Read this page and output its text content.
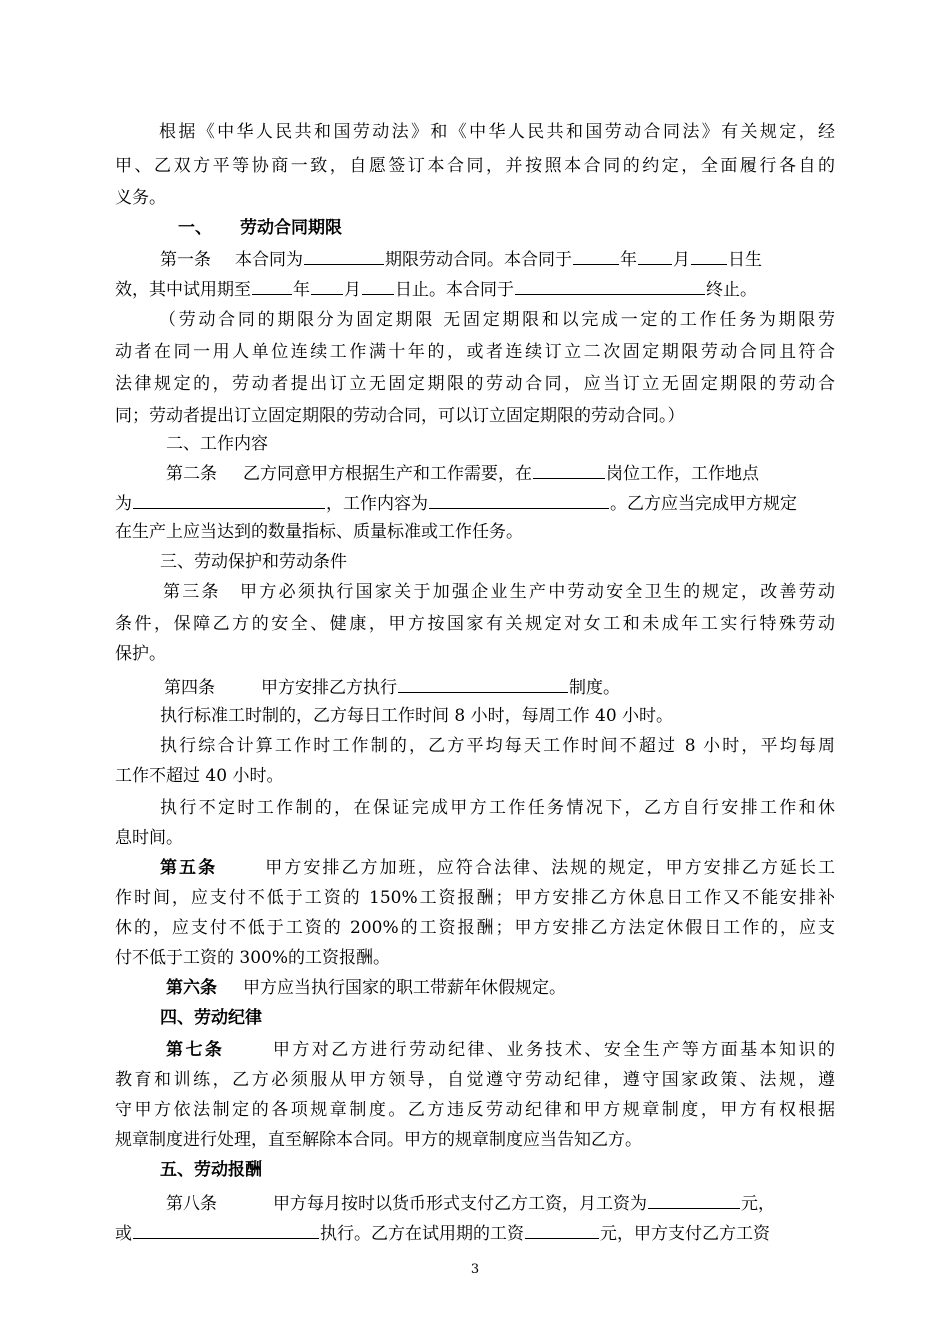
根据《中华人民共和国劳动法》和《中华人民共和国劳动合同法》有关规定，经
甲、乙双方平等协商一致，自愿签订本合同，并按照本合同的约定，全面履行各自的
义务。
一、 劳动合同期限
第一条 本合同为	期限劳动合同。本合同于	年 月 日生
效，其中试用期至 年 月 日止。本合同于	终止。
（劳动合同的期限分为固定期限 无固定期限和以完成一定的工作任务为期限劳
动者在同一用人单位连续工作满十年的，或者连续订立二次固定期限劳动合同且符合
法律规定的，劳动者提出订立无固定期限的劳动合同，应当订立无固定期限的劳动合
同；劳动者提出订立固定期限的劳动合同，可以订立固定期限的劳动合同。）
二、工作内容
第二条 乙方同意甲方根据生产和工作需要，在	岗位工作，工作地点
为	，工作内容为	。乙方应当完成甲方规定
在生产上应当达到的数量指标、质量标准或工作任务。
三、劳动保护和劳动条件
第三条　甲方必须执行国家关于加强企业生产中劳动安全卫生的规定，改善劳动
条件，保障乙方的安全、健康，甲方按国家有关规定对女工和未成年工实行特殊劳动
保护。
第四条	甲方安排乙方执行	制度。
执行标准工时制的，乙方每日工作时间 8 小时，每周工作 40 小时。
执行综合计算工作时工作制的，乙方平均每天工作时间不超过 8 小时，平均每周
工作不超过 40 小时。
执行不定时工作制的，在保证完成甲方工作任务情况下，乙方自行安排工作和休
息时间。
第五条	甲方安排乙方加班，应符合法律、法规的规定，甲方安排乙方延长工
作时间，应支付不低于工资的 150%工资报酬；甲方安排乙方休息日工作又不能安排补
休的，应支付不低于工资的 200%的工资报酬；甲方安排乙方法定休假日工作的，应支
付不低于工资的 300%的工资报酬。
第六条 甲方应当执行国家的职工带薪年休假规定。
四、劳动纪律
第七条	甲方对乙方进行劳动纪律、业务技术、安全生产等方面基本知识的
教育和训练，乙方必须服从甲方领导，自觉遵守劳动纪律，遵守国家政策、法规，遵
守甲方依法制定的各项规章制度。乙方违反劳动纪律和甲方规章制度，甲方有权根据
规章制度进行处理，直至解除本合同。甲方的规章制度应当告知乙方。
五、劳动报酬
第八条	甲方每月按时以货币形式支付乙方工资，月工资为	元，
或	执行。乙方在试用期的工资	元，甲方支付乙方工资
3
